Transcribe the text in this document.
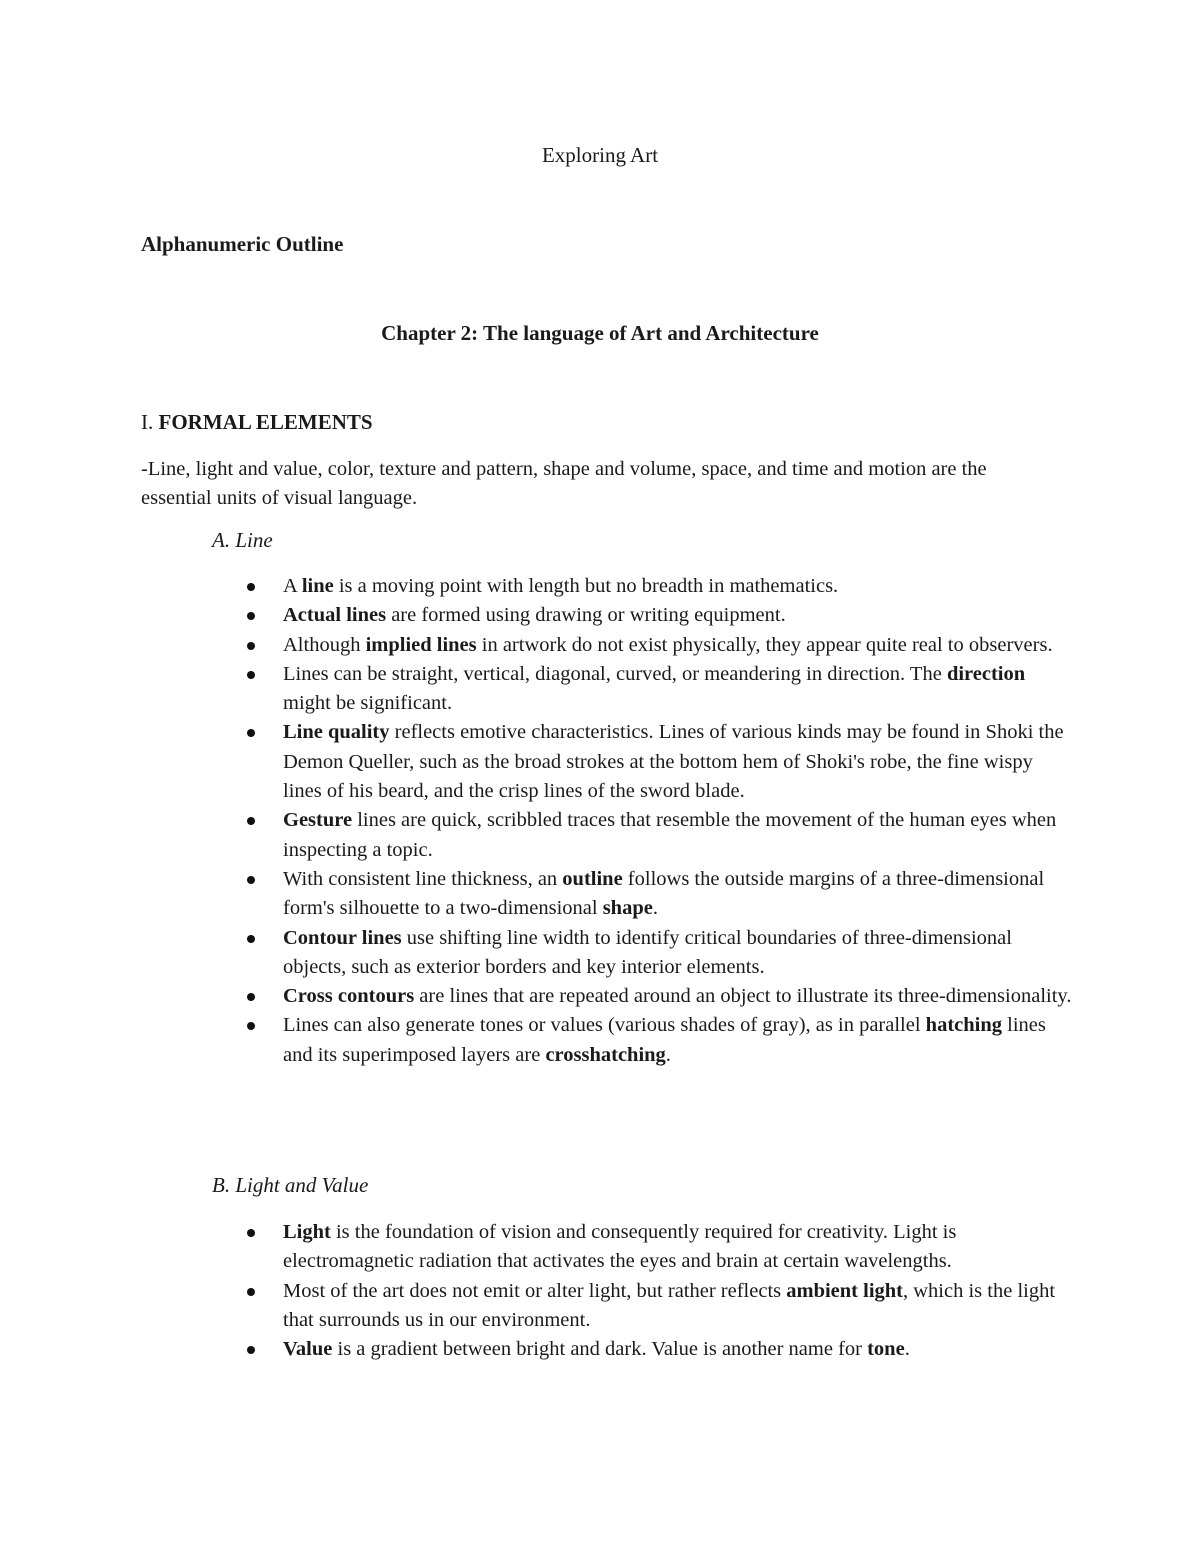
Exploring Art
Alphanumeric Outline
Chapter 2: The language of Art and Architecture
I. FORMAL ELEMENTS
-Line, light and value, color, texture and pattern, shape and volume, space, and time and motion are the essential units of visual language.
A. Line
A line is a moving point with length but no breadth in mathematics.
Actual lines are formed using drawing or writing equipment.
Although implied lines in artwork do not exist physically, they appear quite real to observers.
Lines can be straight, vertical, diagonal, curved, or meandering in direction. The direction might be significant.
Line quality reflects emotive characteristics. Lines of various kinds may be found in Shoki the Demon Queller, such as the broad strokes at the bottom hem of Shoki's robe, the fine wispy lines of his beard, and the crisp lines of the sword blade.
Gesture lines are quick, scribbled traces that resemble the movement of the human eyes when inspecting a topic.
With consistent line thickness, an outline follows the outside margins of a three-dimensional form's silhouette to a two-dimensional shape.
Contour lines use shifting line width to identify critical boundaries of three-dimensional objects, such as exterior borders and key interior elements.
Cross contours are lines that are repeated around an object to illustrate its three-dimensionality.
Lines can also generate tones or values (various shades of gray), as in parallel hatching lines and its superimposed layers are crosshatching.
B. Light and Value
Light is the foundation of vision and consequently required for creativity. Light is electromagnetic radiation that activates the eyes and brain at certain wavelengths.
Most of the art does not emit or alter light, but rather reflects ambient light, which is the light that surrounds us in our environment.
Value is a gradient between bright and dark. Value is another name for tone.
